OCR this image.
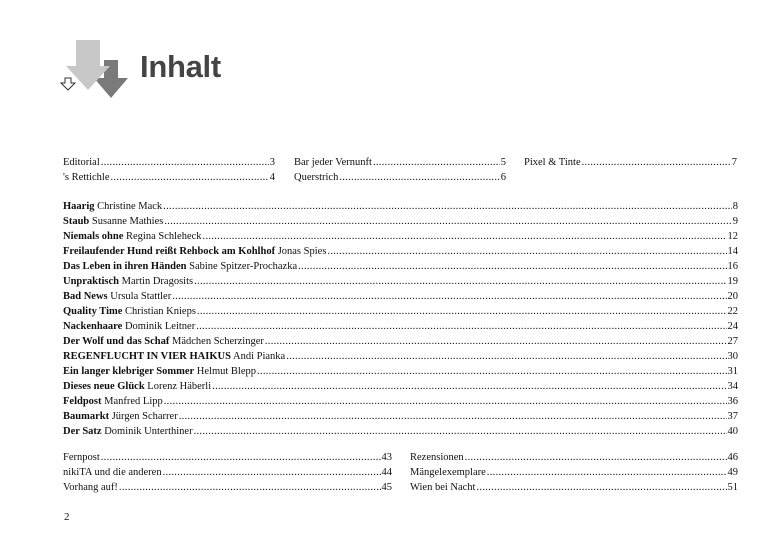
Inhalt
Editorial .....	3
's Rettichle .....	4
Bar jeder Vernunft .....	5
Querstrich .....	6
Pixel & Tinte .....	7
Haarig Christine Mack .....	8
Staub Susanne Mathies .....	9
Niemals ohne Regina Schleheck .....	12
Freilaufender Hund reißt Rehbock am Kohlhof Jonas Spies .....	14
Das Leben in ihren Händen Sabine Spitzer-Prochazka .....	16
Unpraktisch Martin Dragosits .....	19
Bad News Ursula Stattler .....	20
Quality Time Christian Knieps .....	22
Nackenhaare Dominik Leitner .....	24
Der Wolf und das Schaf Mädchen Scherzinger .....	27
REGENFLUCHT IN VIER HAIKUS Andi Pianka .....	30
Ein langer klebriger Sommer Helmut Blepp .....	31
Dieses neue Glück Lorenz Häberli .....	34
Feldpost Manfred Lipp .....	36
Baumarkt Jürgen Scharrer .....	37
Der Satz Dominik Unterthiner .....	40
Fernpost .....	43
nikiTA und die anderen .....	44
Vorhang auf! .....	45
Rezensionen .....	46
Mängelexemplare .....	49
Wien bei Nacht .....	51
2
